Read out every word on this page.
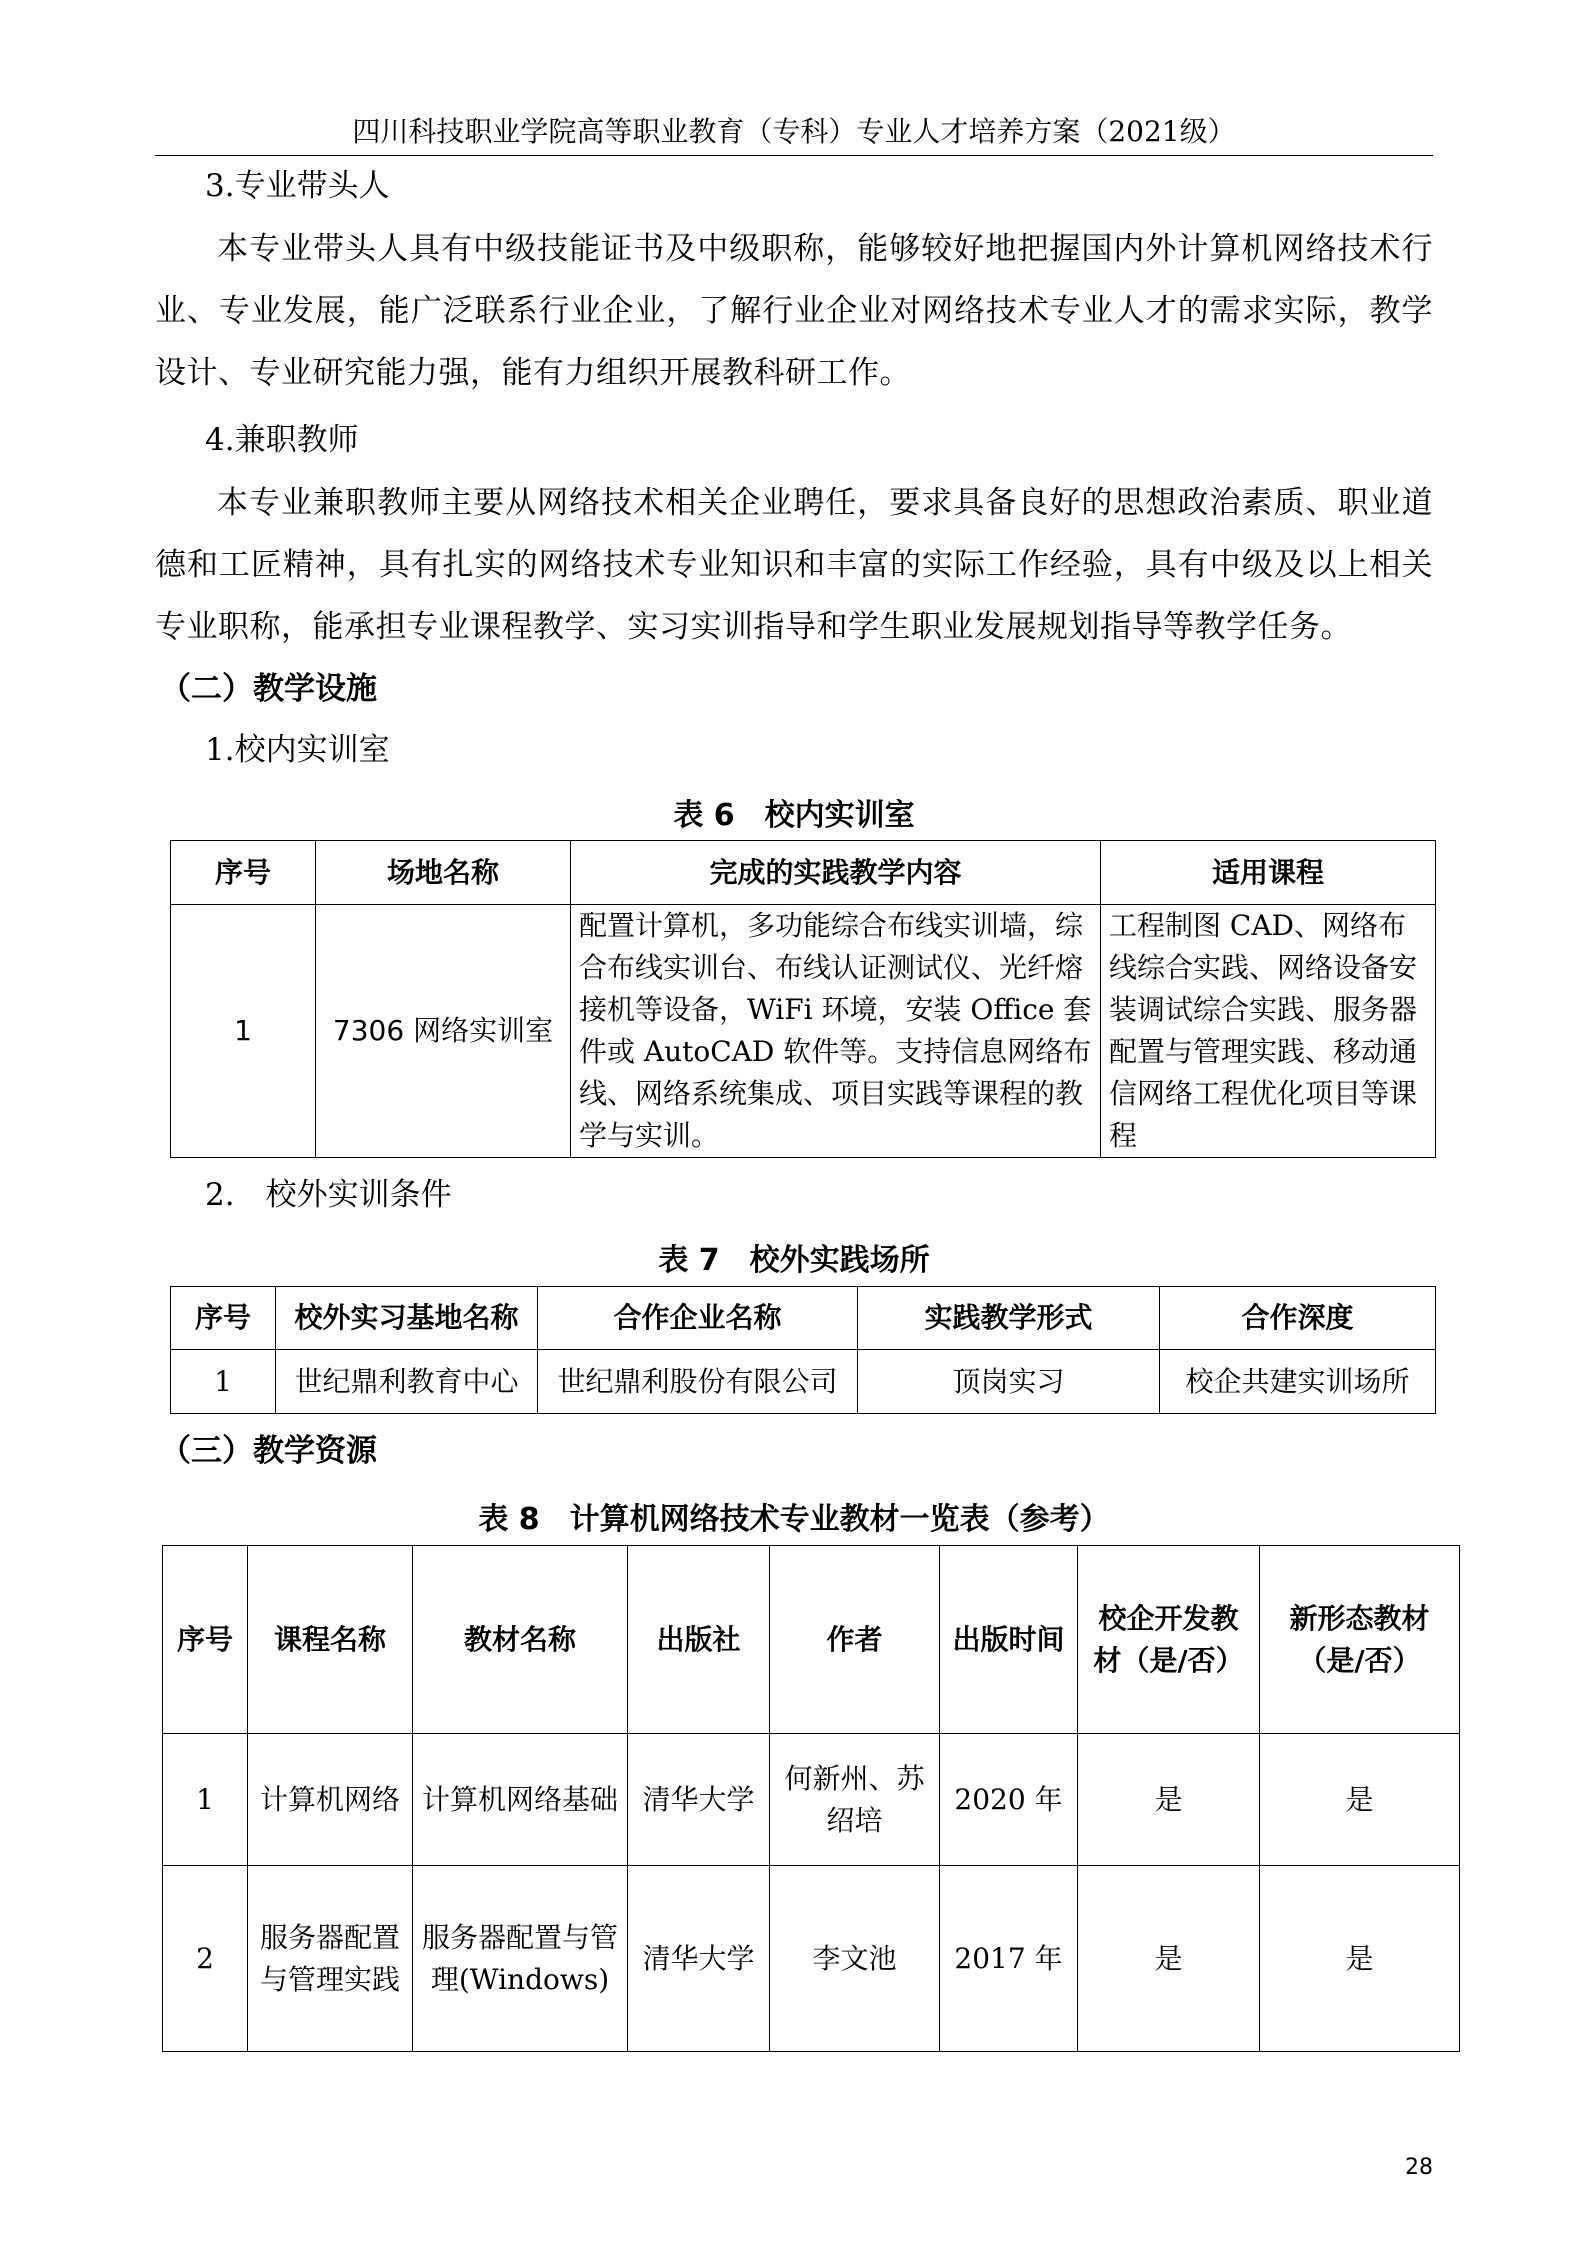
四川科技职业学院高等职业教育（专科）专业人才培养方案（2021级）
3.专业带头人

本专业带头人具有中级技能证书及中级职称，能够较好地把握国内外计算机网络技术行业、专业发展，能广泛联系行业企业，了解行业企业对网络技术专业人才的需求实际，教学设计、专业研究能力强，能有力组织开展教科研工作。

4.兼职教师

本专业兼职教师主要从网络技术相关企业聘任，要求具备良好的思想政治素质、职业道德和工匠精神，具有扎实的网络技术专业知识和丰富的实际工作经验，具有中级及以上相关专业职称，能承担专业课程教学、实习实训指导和学生职业发展规划指导等教学任务。

（二）教学设施
1.校内实训室
表 6　校内实训室
序号	场地名称	完成的实践教学内容	适用课程
1	7306 网络实训室	配置计算机，多功能综合布线实训墙，综合布线实训台、布线认证测试仪、光纤熔接机等设备，WiFi 环境，安装 Office 套件或 AutoCAD 软件等。支持信息网络布线、网络系统集成、项目实践等课程的教学与实训。	工程制图 CAD、网络布线综合实践、网络设备安装调试综合实践、服务器配置与管理实践、移动通信网络工程优化项目等课程
2.　校外实训条件
表 7　校外实践场所
序号	校外实习基地名称	合作企业名称	实践教学形式	合作深度
1	世纪鼎利教育中心	世纪鼎利股份有限公司	顶岗实习	校企共建实训场所
（三）教学资源
表 8　计算机网络技术专业教材一览表（参考）
序号	课程名称	教材名称	出版社	作者	出版时间	校企开发教材（是/否）	新形态教材（是/否）
1	计算机网络	计算机网络基础	清华大学	何新州、苏绍培	2020 年	是	是
2	服务器配置与管理实践	服务器配置与管理(Windows)	清华大学	李文池	2017 年	是	是
28
